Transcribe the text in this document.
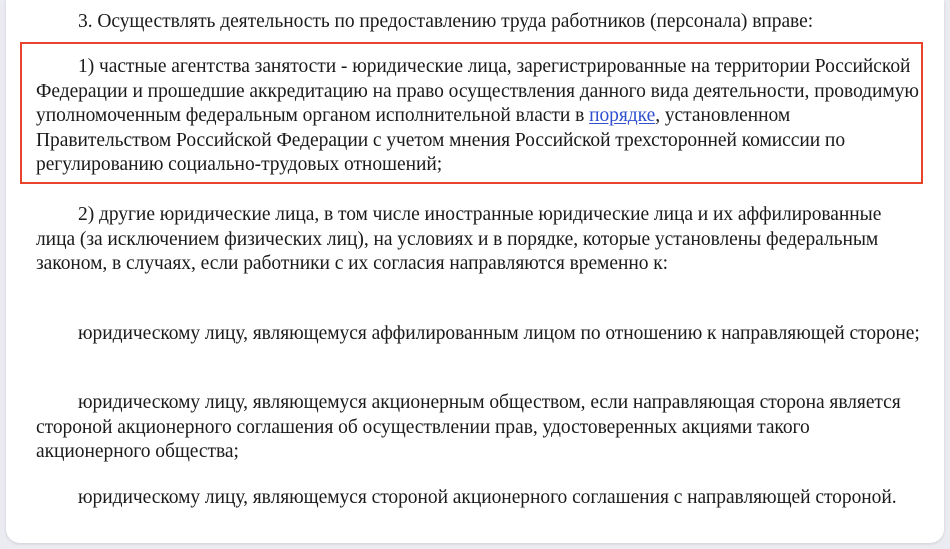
3. Осуществлять деятельность по предоставлению труда работников (персонала) вправе:

1) частные агентства занятости - юридические лица, зарегистрированные на территории Российской Федерации и прошедшие аккредитацию на право осуществления данного вида деятельности, проводимую уполномоченным федеральным органом исполнительной власти в порядке, установленном Правительством Российской Федерации с учетом мнения Российской трехсторонней комиссии по регулированию социально-трудовых отношений;

2) другие юридические лица, в том числе иностранные юридические лица и их аффилированные лица (за исключением физических лиц), на условиях и в порядке, которые установлены федеральным законом, в случаях, если работники с их согласия направляются временно к:

юридическому лицу, являющемуся аффилированным лицом по отношению к направляющей стороне;

юридическому лицу, являющемуся акционерным обществом, если направляющая сторона является стороной акционерного соглашения об осуществлении прав, удостоверенных акциями такого акционерного общества;

юридическому лицу, являющемуся стороной акционерного соглашения с направляющей стороной.
